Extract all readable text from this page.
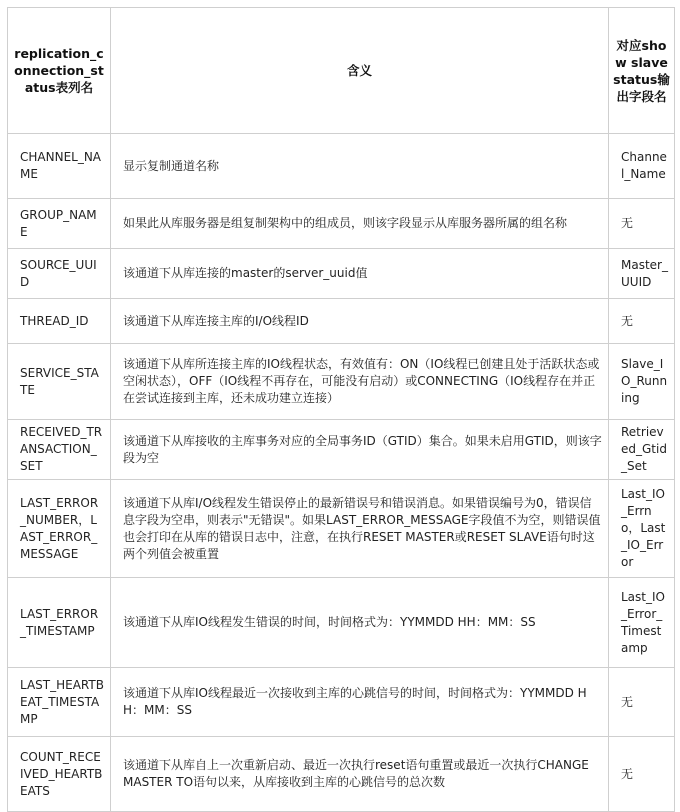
replication_connection_status表列名	含义	对应show slave status输出字段名
CHANNEL_NAME	显示复制通道名称	Channel_Name
GROUP_NAME	如果此从库服务器是组复制架构中的组成员，则该字段显示从库服务器所属的组名称	无
SOURCE_UUID	该通道下从库连接的master的server_uuid值	Master_UUID
THREAD_ID	该通道下从库连接主库的I/O线程ID	无
SERVICE_STATE	该通道下从库所连接主库的IO线程状态，有效值有：ON（IO线程已创建且处于活跃状态或空闲状态），OFF（IO线程不再存在，可能没有启动）或CONNECTING（IO线程存在并正在尝试连接到主库，还未成功建立连接）	Slave_IO_Running
RECEIVED_TRANSACTION_SET	该通道下从库接收的主库事务对应的全局事务ID（GTID）集合。如果未启用GTID，则该字段为空	Retrieved_Gtid_Set
LAST_ERROR_NUMBER，LAST_ERROR_MESSAGE	该通道下从库I/O线程发生错误停止的最新错误号和错误消息。如果错误编号为0，错误信息字段为空串，则表示"无错误"。如果LAST_ERROR_MESSAGE字段值不为空，则错误值也会打印在从库的错误日志中，注意，在执行RESET MASTER或RESET SLAVE语句时这两个列值会被重置	Last_IO_Errno，Last_IO_Error
LAST_ERROR_TIMESTAMP	该通道下从库IO线程发生错误的时间，时间格式为：YYMMDD HH：MM：SS	Last_IO_Error_Timestamp
LAST_HEARTBEAT_TIMESTAMP	该通道下从库IO线程最近一次接收到主库的心跳信号的时间，时间格式为：YYMMDD HH：MM：SS	无
COUNT_RECEIVED_HEARTBEATS	该通道下从库自上一次重新启动、最近一次执行reset语句重置或最近一次执行CHANGE MASTER TO语句以来，从库接收到主库的心跳信号的总次数	无
